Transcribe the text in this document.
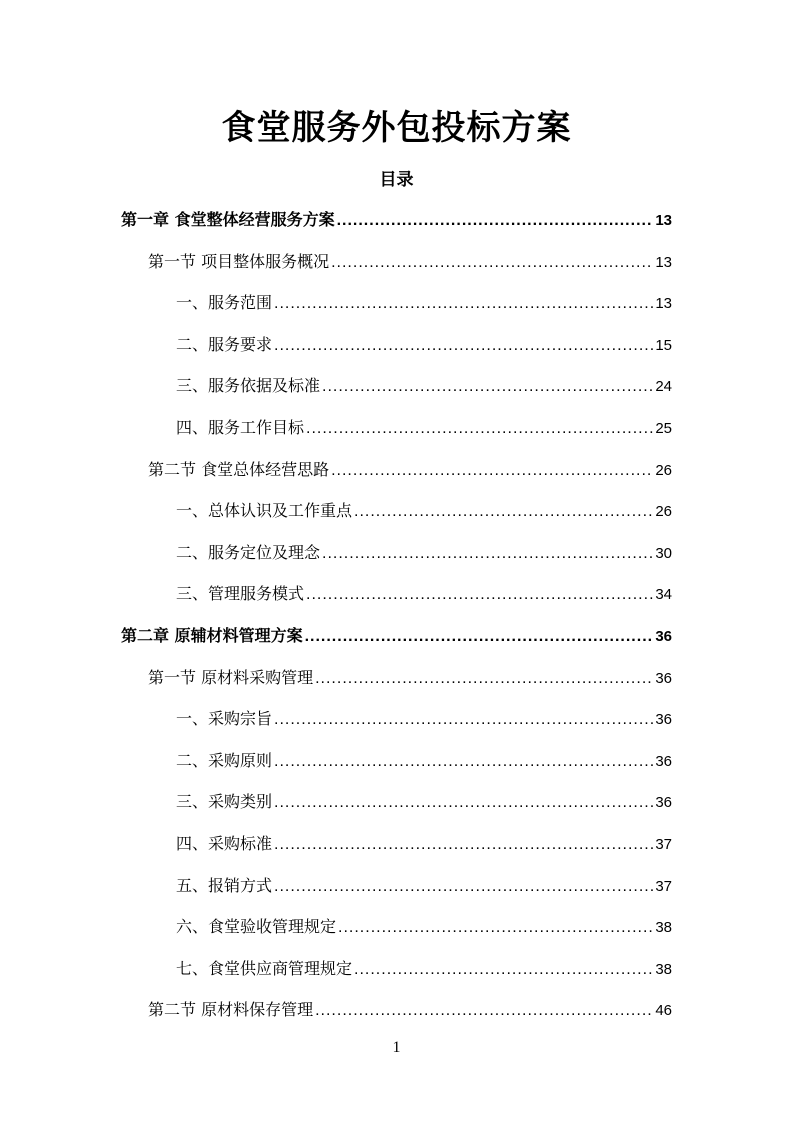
食堂服务外包投标方案
目录
第一章 食堂整体经营服务方案 .....	13
第一节 项目整体服务概况 .....	13
一、服务范围 .....	13
二、服务要求 .....	15
三、服务依据及标准 .....	24
四、服务工作目标 .....	25
第二节 食堂总体经营思路 .....	26
一、总体认识及工作重点 .....	26
二、服务定位及理念 .....	30
三、管理服务模式 .....	34
第二章 原辅材料管理方案 .....	36
第一节 原材料采购管理 .....	36
一、采购宗旨 .....	36
二、采购原则 .....	36
三、采购类别 .....	36
四、采购标准 .....	37
五、报销方式 .....	37
六、食堂验收管理规定 .....	38
七、食堂供应商管理规定 .....	38
第二节 原材料保存管理 .....	46
1
